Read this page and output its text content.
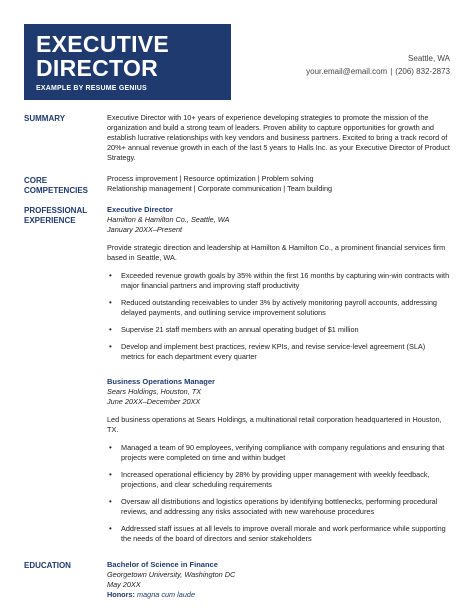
EXECUTIVE
DIRECTOR
EXAMPLE BY RESUME GENIUS
Seattle, WA
your.email@email.com | (206) 832-2873
SUMMARY	Executive Director with 10+ years of experience developing strategies to promote the mission of the organization and build a strong team of leaders. Proven ability to capture opportunities for growth and establish lucrative relationships with key vendors and business partners. Excited to bring a track record of 20%+ annual revenue growth in each of the last 5 years to Halls Inc. as your Executive Director of Product Strategy.

CORE
COMPETENCIES
Process improvement | Resource optimization | Problem solving
Relationship management | Corporate communication | Team building
PROFESSIONAL
EXPERIENCE
Executive Director
Hamilton & Hamilton Co., Seattle, WA
January 20XX–Present

Provide strategic direction and leadership at Hamilton & Hamilton Co., a prominent financial services firm based in Seattle, WA.

• Exceeded revenue growth goals by 35% within the first 16 months by capturing win-win contracts with major financial partners and improving staff productivity
• Reduced outstanding receivables to under 3% by actively monitoring payroll accounts, addressing delayed payments, and outlining service improvement solutions
• Supervise 21 staff members with an annual operating budget of $1 million
• Develop and implement best practices, review KPIs, and revise service-level agreement (SLA) metrics for each department every quarter
Business Operations Manager
Sears Holdings, Houston, TX
June 20XX–December 20XX

Led business operations at Sears Holdings, a multinational retail corporation headquartered in Houston, TX.

• Managed a team of 90 employees, verifying compliance with company regulations and ensuring that projects were completed on time and within budget
• Increased operational efficiency by 28% by providing upper management with weekly feedback, projections, and clear scheduling requirements
• Oversaw all distributions and logistics operations by identifying bottlenecks, performing procedural reviews, and addressing any risks associated with new warehouse procedures
• Addressed staff issues at all levels to improve overall morale and work performance while supporting the needs of the board of directors and senior stakeholders
EDUCATION	Bachelor of Science in Finance
Georgetown University, Washington DC
May 20XX
Honors: magna cum laude
